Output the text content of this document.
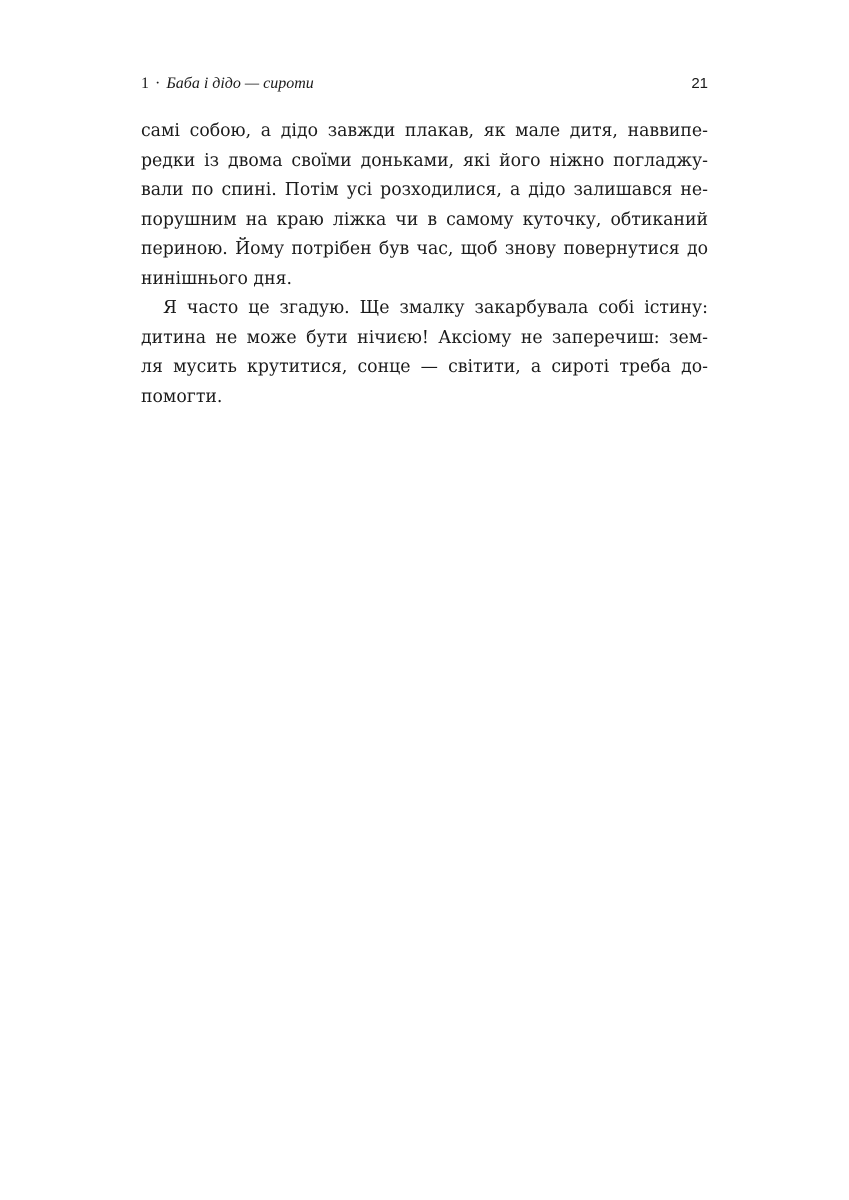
1 · Баба і дідо — сироти	21
самі собою, а дідо завжди плакав, як мале дитя, наввипе-
редки із двома своїми доньками, які його ніжно погладжу-
вали по спині. Потім усі розходилися, а дідо залишався не-
порушним на краю ліжка чи в самому куточку, обтиканий
периною. Йому потрібен був час, щоб знову повернутися до
нинішнього дня.
Я часто це згадую. Ще змалку закарбувала собі істину:
дитина не може бути нічиєю! Аксіому не заперечиш: зем-
ля мусить крутитися, сонце — світити, а сироті треба до-
помогти.
